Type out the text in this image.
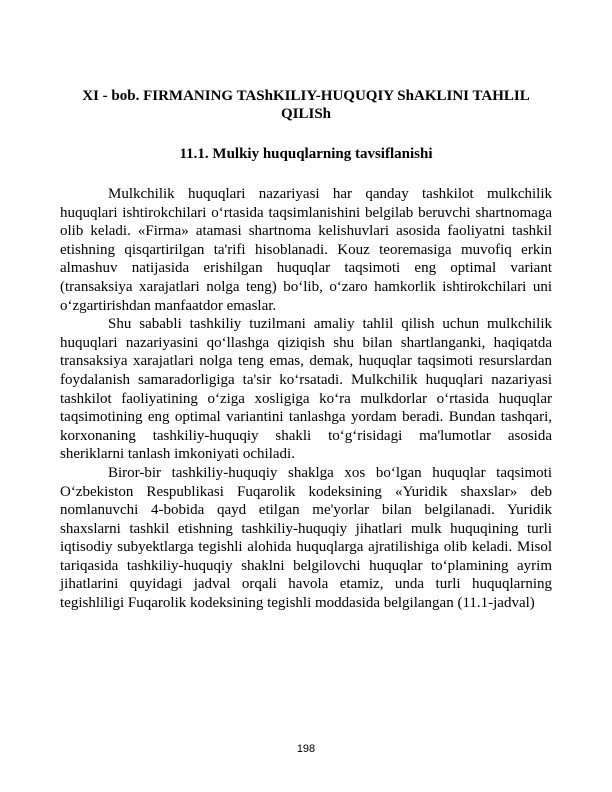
XI - bob. FIRMANING TAShKILIY-HUQUQIY ShAKLINI TAHLIL QILISh
11.1. Mulkiy huquqlarning tavsiflanishi

Mulkchilik huquqlari nazariyasi har qanday tashkilot mulkchilik huquqlari ishtirokchilari o‘rtasida taqsimlanishini belgilab beruvchi shartnomaga olib keladi. «Firma» atamasi shartnoma kelishuvlari asosida faoliyatni tashkil etishning qisqartirilgan ta'rifi hisoblanadi. Kouz teoremasiga muvofiq erkin almashuv natijasida erishilgan huquqlar taqsimoti eng optimal variant (transaksiya xarajatlari nolga teng) bo‘lib, o‘zaro hamkorlik ishtirokchilari uni o‘zgartirishdan manfaatdor emaslar.

Shu sababli tashkiliy tuzilmani amaliy tahlil qilish uchun mulkchilik huquqlari nazariyasini qo‘llashga qiziqish shu bilan shartlanganki, haqiqatda transaksiya xarajatlari nolga teng emas, demak, huquqlar taqsimoti resurslardan foydalanish samaradorligiga ta'sir ko‘rsatadi. Mulkchilik huquqlari nazariyasi tashkilot faoliyatining o‘ziga xosligiga ko‘ra mulkdorlar o‘rtasida huquqlar taqsimotining eng optimal variantini tanlashga yordam beradi. Bundan tashqari, korxonaning tashkiliy-huquqiy shakli to‘g‘risidagi ma'lumotlar asosida sheriklarni tanlash imkoniyati ochiladi.

Biror-bir tashkiliy-huquqiy shaklga xos bo‘lgan huquqlar taqsimoti O‘zbekiston Respublikasi Fuqarolik kodeksining «Yuridik shaxslar» deb nomlanuvchi 4-bobida qayd etilgan me'yorlar bilan belgilanadi. Yuridik shaxslarni tashkil etishning tashkiliy-huquqiy jihatlari mulk huquqining turli iqtisodiy subyektlarga tegishli alohida huquqlarga ajratilishiga olib keladi. Misol tariqasida tashkiliy-huquqiy shaklni belgilovchi huquqlar to‘plamining ayrim jihatlarini quyidagi jadval orqali havola etamiz, unda turli huquqlarning tegishliligi Fuqarolik kodeksining tegishli moddasida belgilangan (11.1-jadval)

198
